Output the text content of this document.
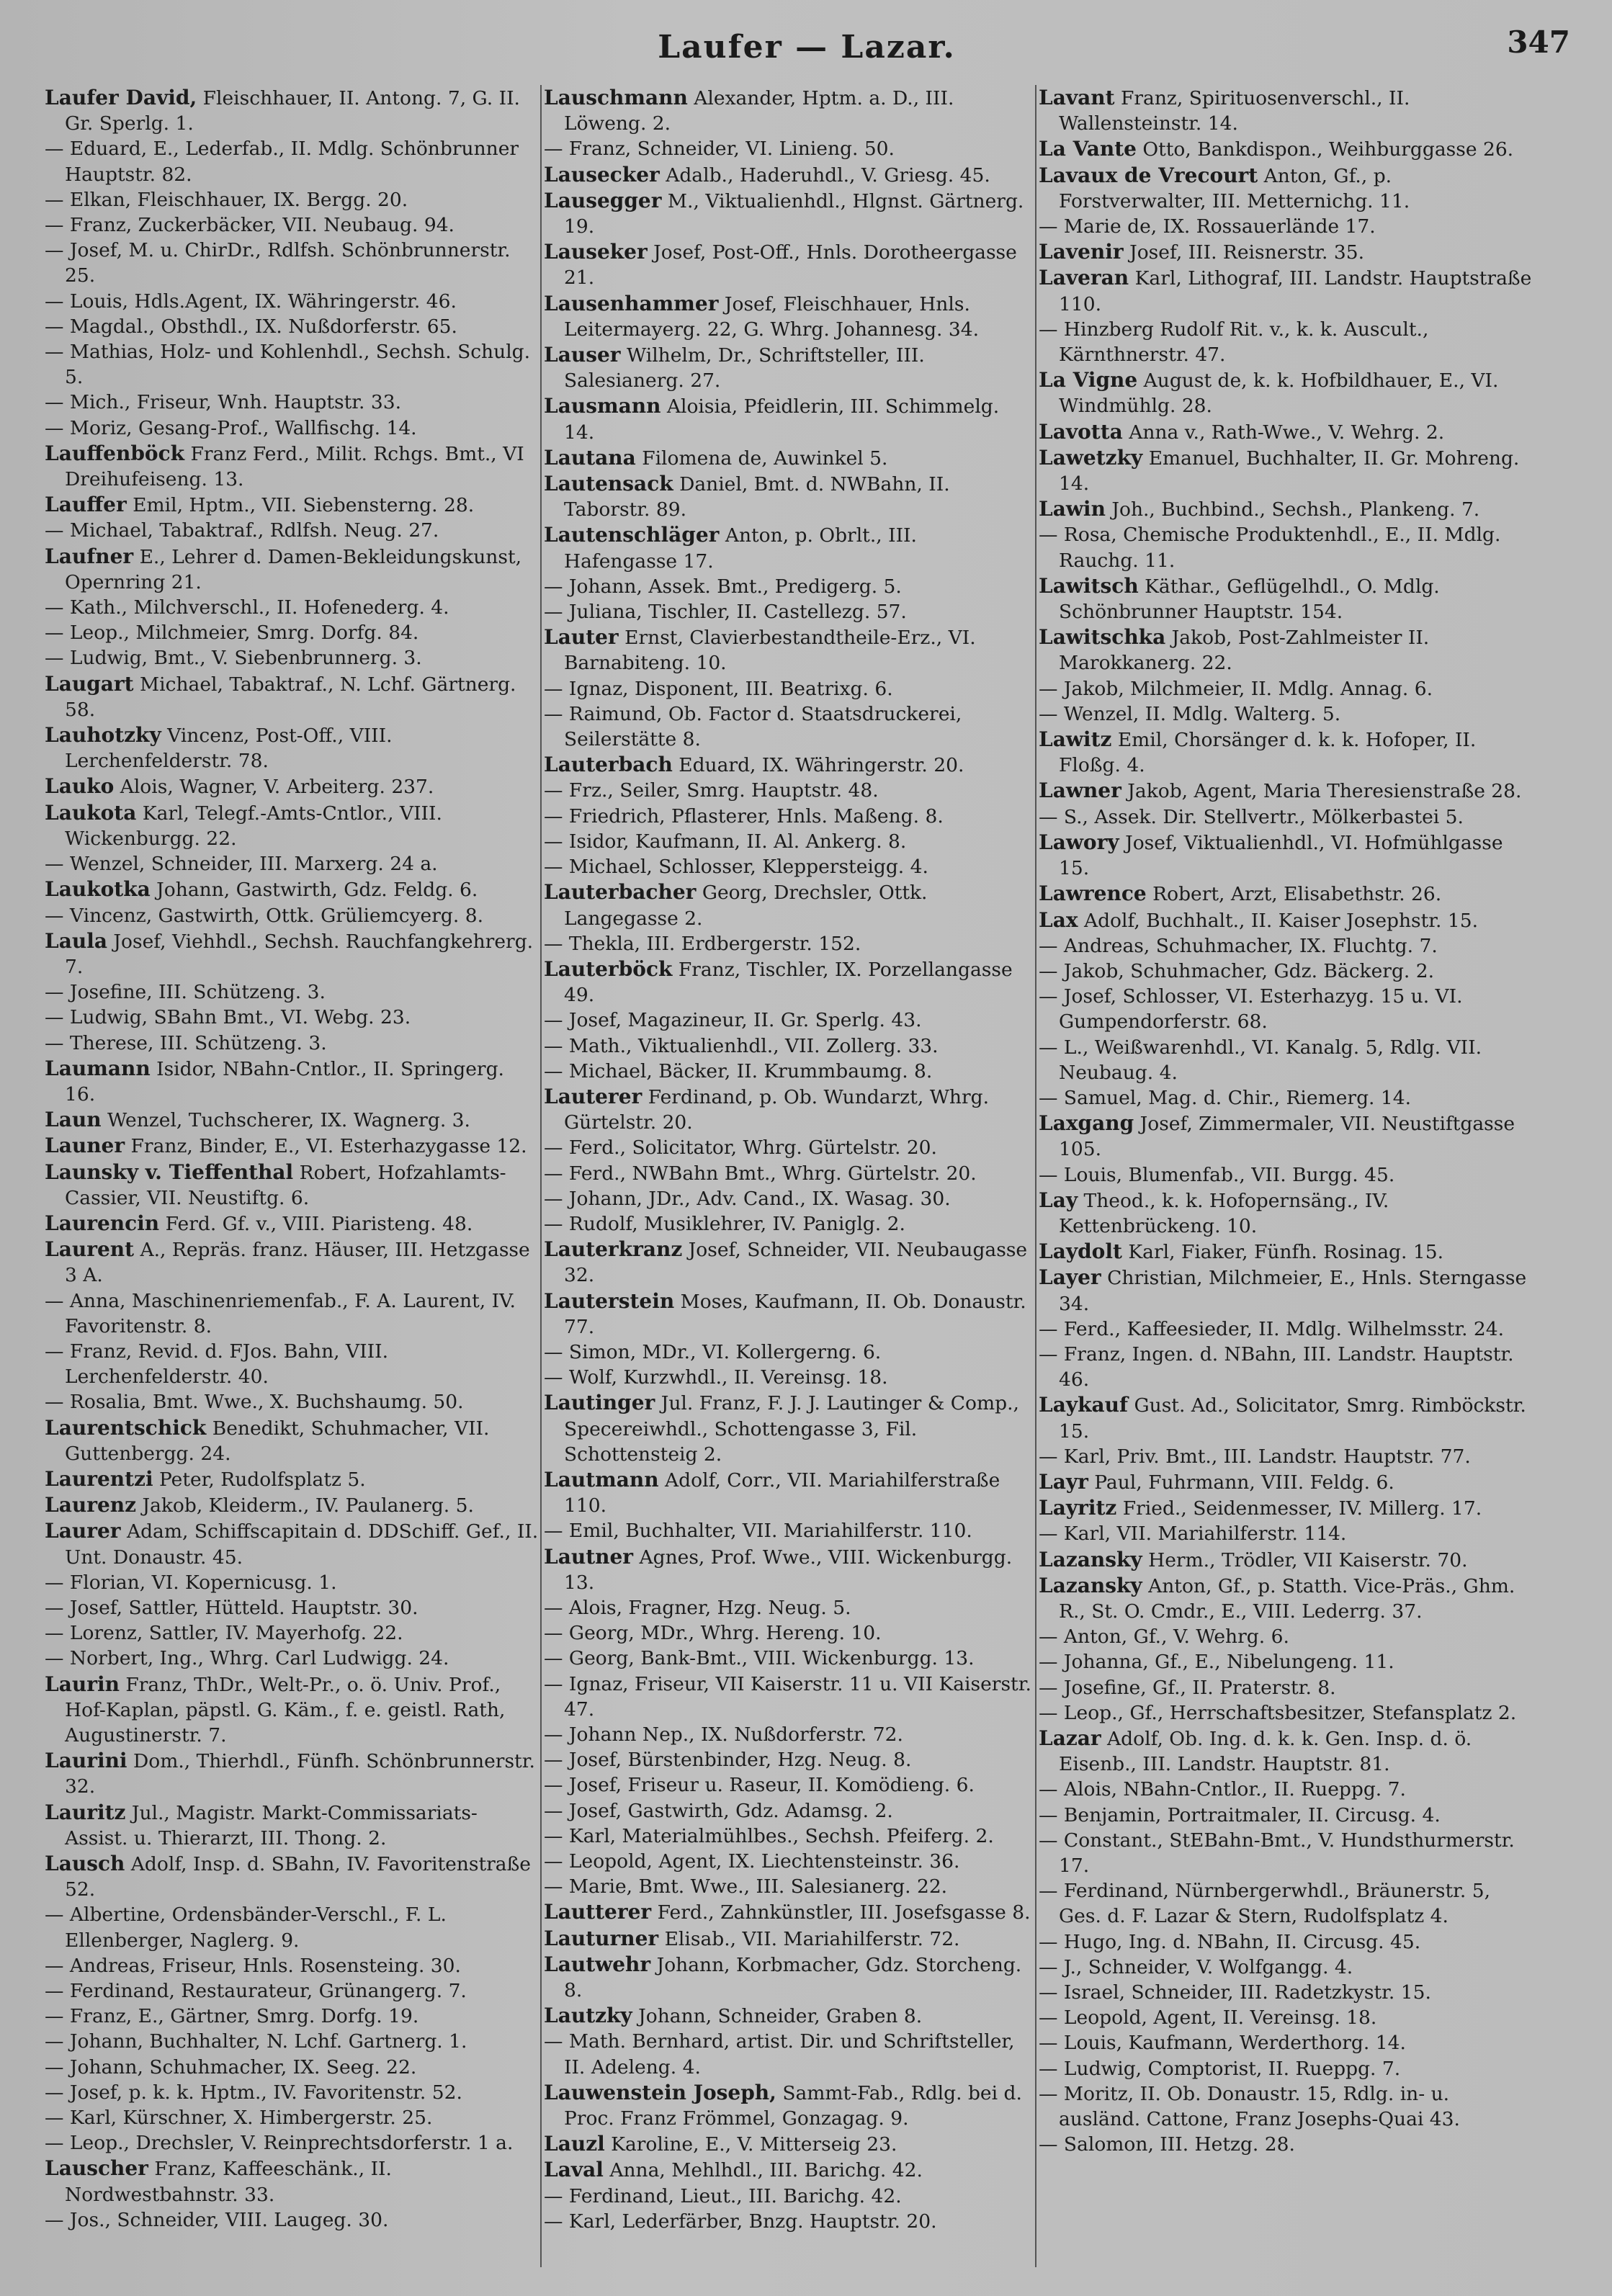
Laufer — Lazar.	347

Laufer David, Fleischhauer, II. Antong. 7, G. II. Gr. Sperlg. 1.

— Eduard, E., Lederfab., II. Mdlg. Schönbrunner Hauptstr. 82.

— Elkan, Fleischhauer, IX. Bergg. 20.

— Franz, Zuckerbäcker, VII. Neubaug. 94.

— Josef, M. u. ChirDr., Rdlfsh. Schönbrunnerstr. 25.

— Louis, Hdls.Agent, IX. Währingerstr. 46.

— Magdal., Obsthdl., IX. Nußdorferstr. 65.

— Mathias, Holz- und Kohlenhdl., Sechsh. Schulg. 5.

— Mich., Friseur, Wnh. Hauptstr. 33.

— Moriz, Gesang-Prof., Wallfischg. 14.

Lauffenböck Franz Ferd., Milit. Rchgs. Bmt., VI Dreihufeiseng. 13.

Lauffer Emil, Hptm., VII. Siebensterng. 28.

— Michael, Tabaktraf., Rdlfsh. Neug. 27.

Laufner E., Lehrer d. Damen-Bekleidungskunst, Opernring 21.

— Kath., Milchverschl., II. Hofenederg. 4.

— Leop., Milchmeier, Smrg. Dorfg. 84.

— Ludwig, Bmt., V. Siebenbrunnerg. 3.

Laugart Michael, Tabaktraf., N. Lchf. Gärtnerg. 58.

Lauhotzky Vincenz, Post-Off., VIII. Lerchenfelderstr. 78.

Lauko Alois, Wagner, V. Arbeiterg. 237.

Laukota Karl, Telegf.-Amts-Cntlor., VIII. Wickenburgg. 22.

— Wenzel, Schneider, III. Marxerg. 24 a.

Laukotka Johann, Gastwirth, Gdz. Feldg. 6.

— Vincenz, Gastwirth, Ottk. Grüliemcyerg. 8.

Laula Josef, Viehhdl., Sechsh. Rauchfangkehrerg. 7.

— Josefine, III. Schützeng. 3.

— Ludwig, SBahn Bmt., VI. Webg. 23.

— Therese, III. Schützeng. 3.

Laumann Isidor, NBahn-Cntlor., II. Springerg. 16.

Laun Wenzel, Tuchscherer, IX. Wagnerg. 3.

Launer Franz, Binder, E., VI. Esterhazygasse 12.

Launsky v. Tieffenthal Robert, Hofzahlamts-Cassier, VII. Neustiftg. 6.

Laurencin Ferd. Gf. v., VIII. Piaristeng. 48.

Laurent A., Repräs. franz. Häuser, III. Hetzgasse 3 A.

— Anna, Maschinenriemenfab., F. A. Laurent, IV. Favoritenstr. 8.

— Franz, Revid. d. FJos. Bahn, VIII. Lerchenfelderstr. 40.

— Rosalia, Bmt. Wwe., X. Buchshaumg. 50.

Laurentschick Benedikt, Schuhmacher, VII. Guttenbergg. 24.

Laurentzi Peter, Rudolfsplatz 5.

Laurenz Jakob, Kleiderm., IV. Paulanerg. 5.

Laurer Adam, Schiffscapitain d. DDSchiff. Gef., II. Unt. Donaustr. 45.

— Florian, VI. Kopernicusg. 1.

— Josef, Sattler, Hütteld. Hauptstr. 30.

— Lorenz, Sattler, IV. Mayerhofg. 22.

— Norbert, Ing., Whrg. Carl Ludwigg. 24.

Laurin Franz, ThDr., Welt-Pr., o. ö. Univ. Prof., Hof-Kaplan, päpstl. G. Käm., f. e. geistl. Rath, Augustinerstr. 7.

Laurini Dom., Thierhdl., Fünfh. Schönbrunnerstr. 32.

Lauritz Jul., Magistr. Markt-Commissariats-Assist. u. Thierarzt, III. Thong. 2.

Lausch Adolf, Insp. d. SBahn, IV. Favoritenstraße 52.

— Albertine, Ordensbänder-Verschl., F. L. Ellenberger, Naglerg. 9.

— Andreas, Friseur, Hnls. Rosensteing. 30.

— Ferdinand, Restaurateur, Grünangerg. 7.

— Franz, E., Gärtner, Smrg. Dorfg. 19.

— Johann, Buchhalter, N. Lchf. Gartnerg. 1.

— Johann, Schuhmacher, IX. Seeg. 22.

— Josef, p. k. k. Hptm., IV. Favoritenstr. 52.

— Karl, Kürschner, X. Himbergerstr. 25.

— Leop., Drechsler, V. Reinprechtsdorferstr. 1 a.

Lauscher Franz, Kaffeeschänk., II. Nordwestbahnstr. 33.

— Jos., Schneider, VIII. Laugeg. 30.

Lauschmann Alexander, Hptm. a. D., III. Löweng. 2.

— Franz, Schneider, VI. Linieng. 50.

Lausecker Adalb., Haderuhdl., V. Griesg. 45.

Lausegger M., Viktualienhdl., Hlgnst. Gärtnerg. 19.

Lauseker Josef, Post-Off., Hnls. Dorotheergasse 21.

Lausenhammer Josef, Fleischhauer, Hnls. Leitermayerg. 22, G. Whrg. Johannesg. 34.

Lauser Wilhelm, Dr., Schriftsteller, III. Salesianerg. 27.

Lausmann Aloisia, Pfeidlerin, III. Schimmelg. 14.

Lautana Filomena de, Auwinkel 5.

Lautensack Daniel, Bmt. d. NWBahn, II. Taborstr. 89.

Lautenschläger Anton, p. Obrlt., III. Hafengasse 17.

— Johann, Assek. Bmt., Predigerg. 5.

— Juliana, Tischler, II. Castellezg. 57.

Lauter Ernst, Clavierbestandtheile-Erz., VI. Barnabiteng. 10.

— Ignaz, Disponent, III. Beatrixg. 6.

— Raimund, Ob. Factor d. Staatsdruckerei, Seilerstätte 8.

Lauterbach Eduard, IX. Währingerstr. 20.

— Frz., Seiler, Smrg. Hauptstr. 48.

— Friedrich, Pflasterer, Hnls. Maßeng. 8.

— Isidor, Kaufmann, II. Al. Ankerg. 8.

— Michael, Schlosser, Kleppersteigg. 4.

Lauterbacher Georg, Drechsler, Ottk. Langegasse 2.

— Thekla, III. Erdbergerstr. 152.

Lauterböck Franz, Tischler, IX. Porzellangasse 49.

— Josef, Magazineur, II. Gr. Sperlg. 43.

— Math., Viktualienhdl., VII. Zollerg. 33.

— Michael, Bäcker, II. Krummbaumg. 8.

Lauterer Ferdinand, p. Ob. Wundarzt, Whrg. Gürtelstr. 20.

— Ferd., Solicitator, Whrg. Gürtelstr. 20.

— Ferd., NWBahn Bmt., Whrg. Gürtelstr. 20.

— Johann, JDr., Adv. Cand., IX. Wasag. 30.

— Rudolf, Musiklehrer, IV. Paniglg. 2.

Lauterkranz Josef, Schneider, VII. Neubaugasse 32.

Lauterstein Moses, Kaufmann, II. Ob. Donaustr. 77.

— Simon, MDr., VI. Kollergerng. 6.

— Wolf, Kurzwhdl., II. Vereinsg. 18.

Lautinger Jul. Franz, F. J. J. Lautinger & Comp., Specereiwhdl., Schottengasse 3, Fil. Schottensteig 2.

Lautmann Adolf, Corr., VII. Mariahilferstraße 110.

— Emil, Buchhalter, VII. Mariahilferstr. 110.

Lautner Agnes, Prof. Wwe., VIII. Wickenburgg. 13.

— Alois, Fragner, Hzg. Neug. 5.

— Georg, MDr., Whrg. Hereng. 10.

— Georg, Bank-Bmt., VIII. Wickenburgg. 13.

— Ignaz, Friseur, VII Kaiserstr. 11 u. VII Kaiserstr. 47.

— Johann Nep., IX. Nußdorferstr. 72.

— Josef, Bürstenbinder, Hzg. Neug. 8.

— Josef, Friseur u. Raseur, II. Komödieng. 6.

— Josef, Gastwirth, Gdz. Adamsg. 2.

— Karl, Materialmühlbes., Sechsh. Pfeiferg. 2.

— Leopold, Agent, IX. Liechtensteinstr. 36.

— Marie, Bmt. Wwe., III. Salesianerg. 22.

Lautterer Ferd., Zahnkünstler, III. Josefsgasse 8.

Lauturner Elisab., VII. Mariahilferstr. 72.

Lautwehr Johann, Korbmacher, Gdz. Storcheng. 8.

Lautzky Johann, Schneider, Graben 8.

— Math. Bernhard, artist. Dir. und Schriftsteller, II. Adeleng. 4.

Lauwenstein Joseph, Sammt-Fab., Rdlg. bei d. Proc. Franz Frömmel, Gonzagag. 9.

Lauzl Karoline, E., V. Mitterseig 23.

Laval Anna, Mehlhdl., III. Barichg. 42.

— Ferdinand, Lieut., III. Barichg. 42.

— Karl, Lederfärber, Bnzg. Hauptstr. 20.

Lavant Franz, Spirituosenverschl., II. Wallensteinstr. 14.

La Vante Otto, Bankdispon., Weihburggasse 26.

Lavaux de Vrecourt Anton, Gf., p. Forstverwalter, III. Metternichg. 11.

— Marie de, IX. Rossauerlände 17.

Lavenir Josef, III. Reisnerstr. 35.

Laveran Karl, Lithograf, III. Landstr. Hauptstraße 110.

— Hinzberg Rudolf Rit. v., k. k. Auscult., Kärnthnerstr. 47.

La Vigne August de, k. k. Hofbildhauer, E., VI. Windmühlg. 28.

Lavotta Anna v., Rath-Wwe., V. Wehrg. 2.

Lawetzky Emanuel, Buchhalter, II. Gr. Mohreng. 14.

Lawin Joh., Buchbind., Sechsh., Plankeng. 7.

— Rosa, Chemische Produktenhdl., E., II. Mdlg. Rauchg. 11.

Lawitsch Käthar., Geflügelhdl., O. Mdlg. Schönbrunner Hauptstr. 154.

Lawitschka Jakob, Post-Zahlmeister II. Marokkanerg. 22.

— Jakob, Milchmeier, II. Mdlg. Annag. 6.

— Wenzel, II. Mdlg. Walterg. 5.

Lawitz Emil, Chorsänger d. k. k. Hofoper, II. Floßg. 4.

Lawner Jakob, Agent, Maria Theresienstraße 28.

— S., Assek. Dir. Stellvertr., Mölkerbastei 5.

Lawory Josef, Viktualienhdl., VI. Hofmühlgasse 15.

Lawrence Robert, Arzt, Elisabethstr. 26.

Lax Adolf, Buchhalt., II. Kaiser Josephstr. 15.

— Andreas, Schuhmacher, IX. Fluchtg. 7.

— Jakob, Schuhmacher, Gdz. Bäckerg. 2.

— Josef, Schlosser, VI. Esterhazyg. 15 u. VI. Gumpendorferstr. 68.

— L., Weißwarenhdl., VI. Kanalg. 5, Rdlg. VII. Neubaug. 4.

— Samuel, Mag. d. Chir., Riemerg. 14.

Laxgang Josef, Zimmermaler, VII. Neustiftgasse 105.

— Louis, Blumenfab., VII. Burgg. 45.

Lay Theod., k. k. Hofopernsäng., IV. Kettenbrückeng. 10.

Laydolt Karl, Fiaker, Fünfh. Rosinag. 15.

Layer Christian, Milchmeier, E., Hnls. Sterngasse 34.

— Ferd., Kaffeesieder, II. Mdlg. Wilhelmsstr. 24.

— Franz, Ingen. d. NBahn, III. Landstr. Hauptstr. 46.

Laykauf Gust. Ad., Solicitator, Smrg. Rimböckstr. 15.

— Karl, Priv. Bmt., III. Landstr. Hauptstr. 77.

Layr Paul, Fuhrmann, VIII. Feldg. 6.

Layritz Fried., Seidenmesser, IV. Millerg. 17.

— Karl, VII. Mariahilferstr. 114.

Lazansky Herm., Trödler, VII Kaiserstr. 70.

Lazansky Anton, Gf., p. Statth. Vice-Präs., Ghm. R., St. O. Cmdr., E., VIII. Lederrg. 37.

— Anton, Gf., V. Wehrg. 6.

— Johanna, Gf., E., Nibelungeng. 11.

— Josefine, Gf., II. Praterstr. 8.

— Leop., Gf., Herrschaftsbesitzer, Stefansplatz 2.

Lazar Adolf, Ob. Ing. d. k. k. Gen. Insp. d. ö. Eisenb., III. Landstr. Hauptstr. 81.

— Alois, NBahn-Cntlor., II. Rueppg. 7.

— Benjamin, Portraitmaler, II. Circusg. 4.

— Constant., StEBahn-Bmt., V. Hundsthurmerstr. 17.

— Ferdinand, Nürnbergerwhdl., Bräunerstr. 5, Ges. d. F. Lazar & Stern, Rudolfsplatz 4.

— Hugo, Ing. d. NBahn, II. Circusg. 45.

— J., Schneider, V. Wolfgangg. 4.

— Israel, Schneider, III. Radetzkystr. 15.

— Leopold, Agent, II. Vereinsg. 18.

— Louis, Kaufmann, Werderthorg. 14.

— Ludwig, Comptorist, II. Rueppg. 7.

— Moritz, II. Ob. Donaustr. 15, Rdlg. in- u. ausländ. Cattone, Franz Josephs-Quai 43.

— Salomon, III. Hetzg. 28.
